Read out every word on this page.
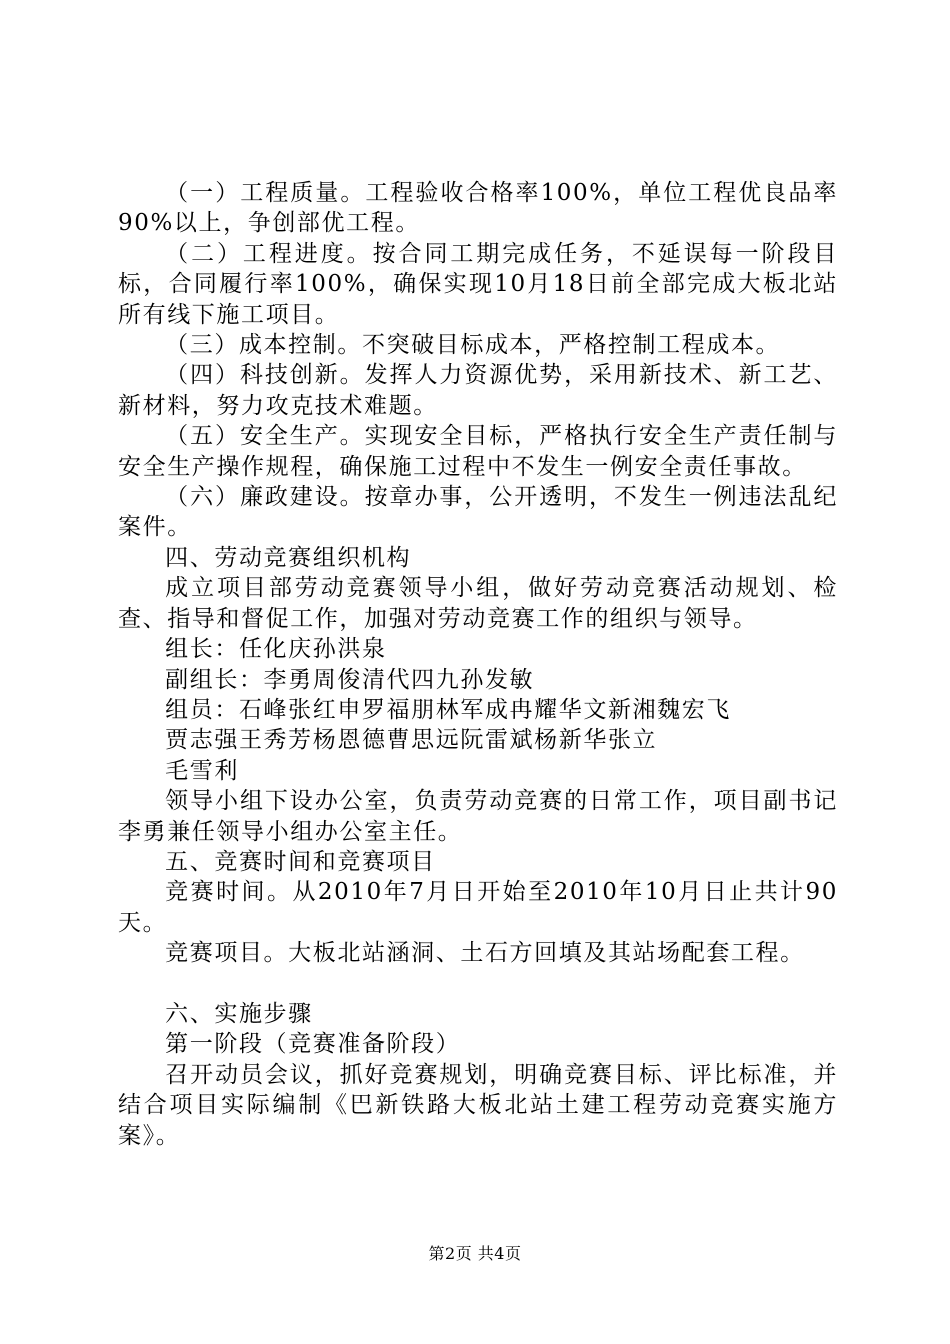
（一）工程质量。工程验收合格率100%，单位工程优良品率90%以上，争创部优工程。

（二）工程进度。按合同工期完成任务，不延误每一阶段目标，合同履行率100%，确保实现10月18日前全部完成大板北站所有线下施工项目。

（三）成本控制。不突破目标成本，严格控制工程成本。

（四）科技创新。发挥人力资源优势，采用新技术、新工艺、新材料，努力攻克技术难题。

（五）安全生产。实现安全目标，严格执行安全生产责任制与安全生产操作规程，确保施工过程中不发生一例安全责任事故。

（六）廉政建设。按章办事，公开透明，不发生一例违法乱纪案件。

四、劳动竞赛组织机构

成立项目部劳动竞赛领导小组，做好劳动竞赛活动规划、检查、指导和督促工作，加强对劳动竞赛工作的组织与领导。

组长：任化庆孙洪泉

副组长：李勇周俊清代四九孙发敏

组员：石峰张红申罗福朋林军成冉耀华文新湘魏宏飞

贾志强王秀芳杨恩德曹思远阮雷斌杨新华张立

毛雪利

领导小组下设办公室，负责劳动竞赛的日常工作，项目副书记李勇兼任领导小组办公室主任。

五、竞赛时间和竞赛项目

竞赛时间。从2010年7月日开始至2010年10月日止共计90天。

竞赛项目。大板北站涵洞、土石方回填及其站场配套工程。

六、实施步骤

第一阶段（竞赛准备阶段）

召开动员会议，抓好竞赛规划，明确竞赛目标、评比标准，并结合项目实际编制《巴新铁路大板北站土建工程劳动竞赛实施方案》。

第2页 共4页
